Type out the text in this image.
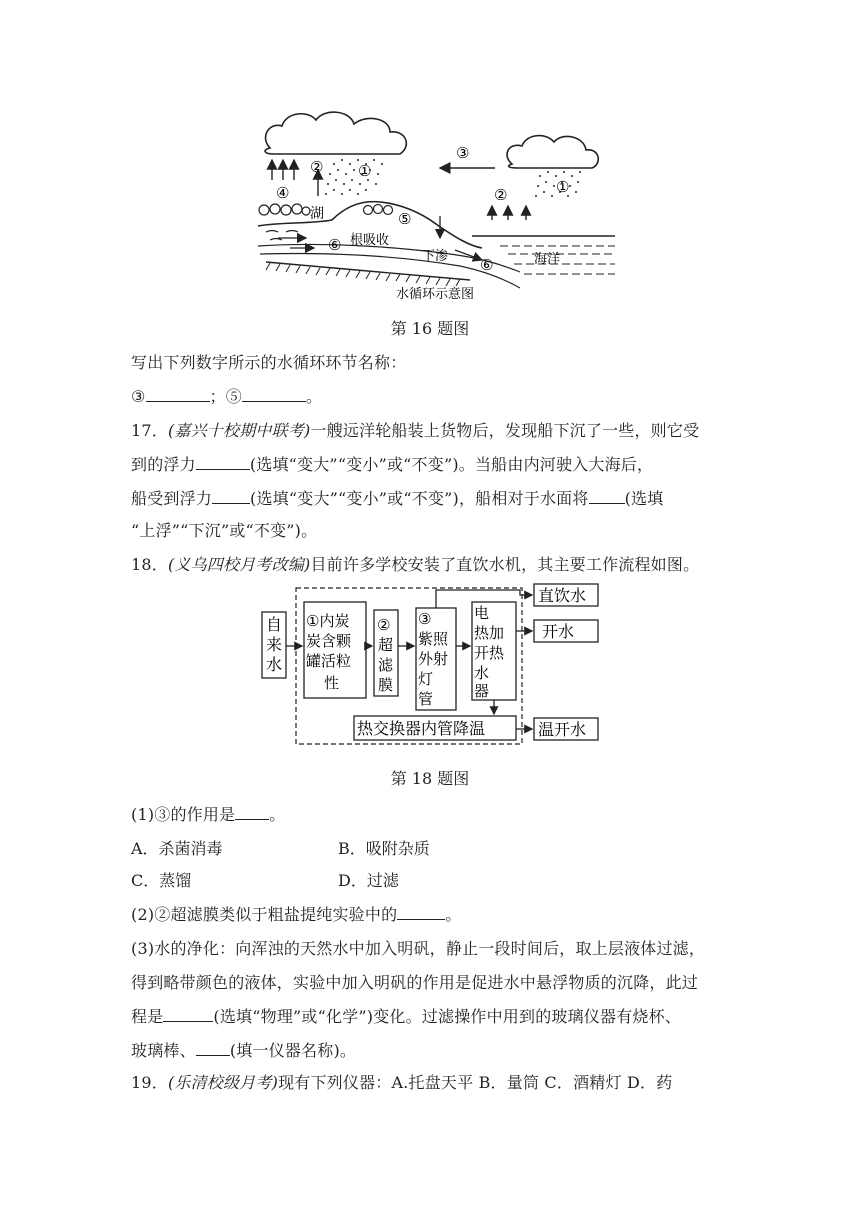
①
②
③
②	①
④
湖	⑤
根吸收
⑥
下渗 ⑥	海洋
水循环示意图
第 16 题图
写出下列数字所示的水循环环节名称：
③	；⑤	。
17．(嘉兴十校期中联考)一艘远洋轮船装上货物后，发现船下沉了一些，则它受
到的浮力	(选填“变大”“变小”或“不变”)。当船由内河驶入大海后，
船受到浮力 (选填“变大”“变小”或“不变”)，船相对于水面将 (选填
“上浮”“下沉”或“不变”)。
18．(义乌四校月考改编)目前许多学校安装了直饮水机，其主要工作流程如图。
自
来
水
①内炭
炭含颗
罐活粒
性
②
超
滤
膜
③
紫照
外射
灯
管
电
热加
开热
水
器
热交换器内管降温
直饮水
开水
温开水
第 18 题图
(1)③的作用是 。
A．杀菌消毒	B．吸附杂质
C．蒸馏	D．过滤
(2)②超滤膜类似于粗盐提纯实验中的	。
(3)水的净化：向浑浊的天然水中加入明矾，静止一段时间后，取上层液体过滤，
得到略带颜色的液体，实验中加入明矾的作用是促进水中悬浮物质的沉降，此过
程是	(选填“物理”或“化学”)变化。过滤操作中用到的玻璃仪器有烧杯、
玻璃棒、 (填一仪器名称)。
19．(乐清校级月考)现有下列仪器：A.托盘天平 B．量筒 C．酒精灯 D．药
